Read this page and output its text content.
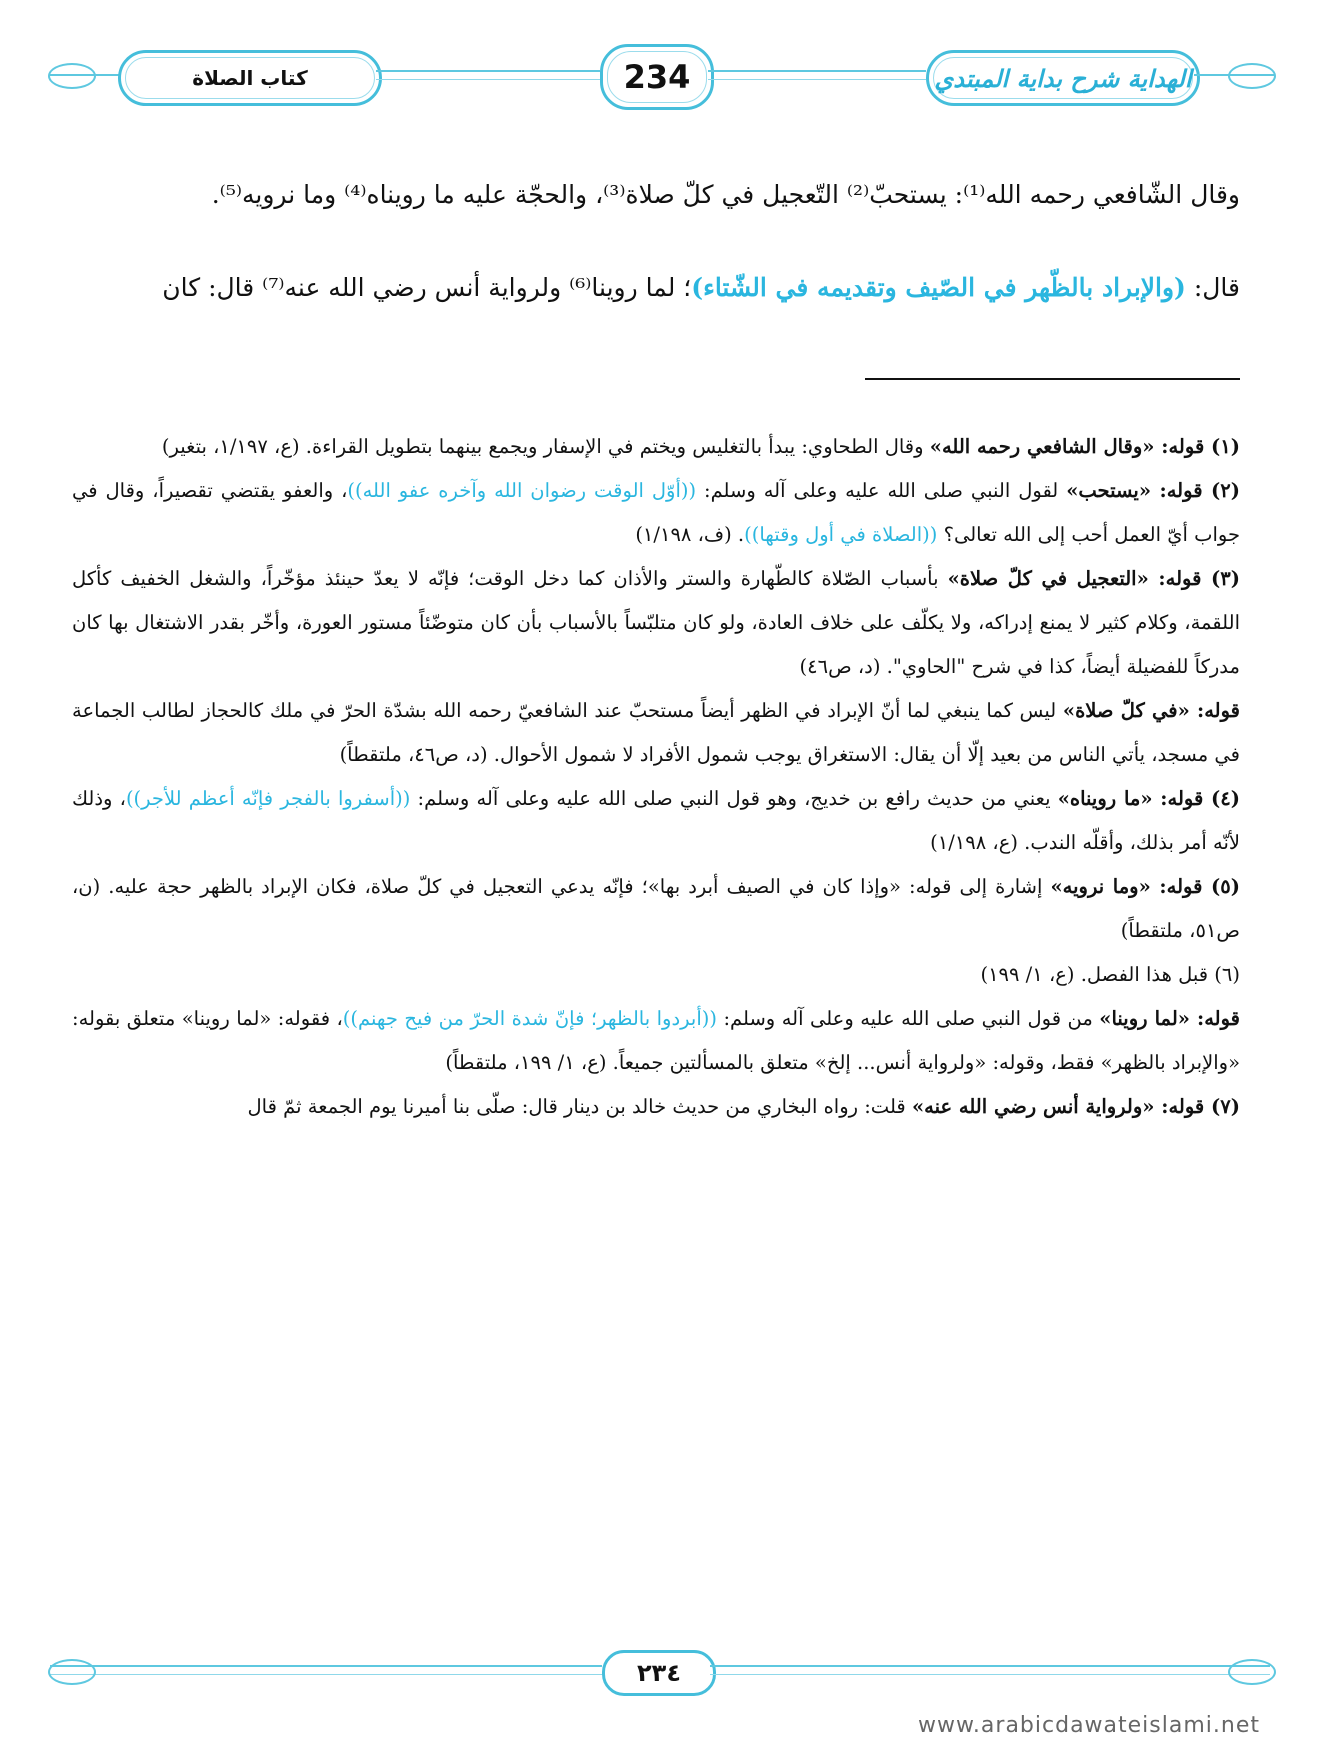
كتاب الصلاة	234	الهداية شرح بداية المبتدي
وقال الشّافعي رحمه الله⁽¹⁾: يستحبّ⁽²⁾ التّعجيل في كلّ صلاة⁽³⁾، والحجّة عليه ما رويناه⁽⁴⁾ وما نرويه⁽⁵⁾.
قال: (والإبراد بالظّهر في الصّيف وتقديمه في الشّتاء)؛ لما روينا⁽⁶⁾ ولرواية أنس رضي الله عنه⁽⁷⁾ قال: كان

(١) قوله: «وقال الشافعي رحمه الله» وقال الطحاوي: يبدأ بالتغليس ويختم في الإسفار ويجمع بينهما بتطويل القراءة. (ع، ١/١٩٧، بتغير)

(٢) قوله: «يستحب» لقول النبي صلى الله عليه وعلى آله وسلم: ((أوّل الوقت رضوان الله وآخره عفو الله))، والعفو يقتضي تقصيراً، وقال في جواب أيّ العمل أحب إلى الله تعالى؟ ((الصلاة في أول وقتها)). (ف، ١/١٩٨)

(٣) قوله: «التعجيل في كلّ صلاة» بأسباب الصّلاة كالطّهارة والستر والأذان كما دخل الوقت؛ فإنّه لا يعدّ حينئذ مؤخّراً، والشغل الخفيف كأكل اللقمة، وكلام كثير لا يمنع إدراكه، ولا يكلّف على خلاف العادة، ولو كان متلبّساً بالأسباب بأن كان متوضّئاً مستور العورة، وأخّر بقدر الاشتغال بها كان مدركاً للفضيلة أيضاً، كذا في شرح "الحاوي". (د، ص٤٦)

قوله: «في كلّ صلاة» ليس كما ينبغي لما أنّ الإبراد في الظهر أيضاً مستحبّ عند الشافعيّ رحمه الله بشدّة الحرّ في ملك كالحجاز لطالب الجماعة في مسجد، يأتي الناس من بعيد إلّا أن يقال: الاستغراق يوجب شمول الأفراد لا شمول الأحوال. (د، ص٤٦، ملتقطاً)

(٤) قوله: «ما رويناه» يعني من حديث رافع بن خديج، وهو قول النبي صلى الله عليه وعلى آله وسلم: ((أسفروا بالفجر فإنّه أعظم للأجر))، وذلك لأنّه أمر بذلك، وأقلّه الندب. (ع، ١/١٩٨)

(٥) قوله: «وما نرويه» إشارة إلى قوله: «وإذا كان في الصيف أبرد بها»؛ فإنّه يدعي التعجيل في كلّ صلاة، فكان الإبراد بالظهر حجة عليه. (ن، ص٥١، ملتقطاً)

(٦) قبل هذا الفصل. (ع، ١/ ١٩٩)

قوله: «لما روينا» من قول النبي صلى الله عليه وعلى آله وسلم: ((أبردوا بالظهر؛ فإنّ شدة الحرّ من فيح جهنم))، فقوله: «لما روينا» متعلق بقوله: «والإبراد بالظهر» فقط، وقوله: «ولرواية أنس... إلخ» متعلق بالمسألتين جميعاً. (ع، ١/ ١٩٩، ملتقطاً)

(٧) قوله: «ولرواية أنس رضي الله عنه» قلت: رواه البخاري من حديث خالد بن دينار قال: صلّى بنا أميرنا يوم الجمعة ثمّ قال

٢٣٤
www.arabicdawateislami.net
